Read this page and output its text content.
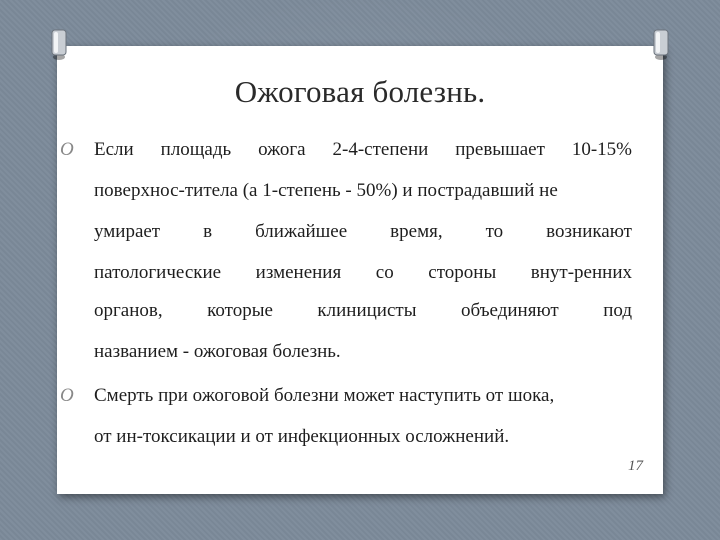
Ожоговая болезнь.
O Если площадь ожога 2-4-степени превышает 10-15%
поверхнос-тителa (а 1-степень - 50%) и пострадавший не
умирает в ближайшее время, то возникают
патологические изменения со стороны внут-ренних
органов, которые клиницисты объединяют под
названием - ожоговая болезнь.
O Смерть при ожоговой болезни может наступить от шока,
от ин-токсикации и от инфекционных осложнений.
17
